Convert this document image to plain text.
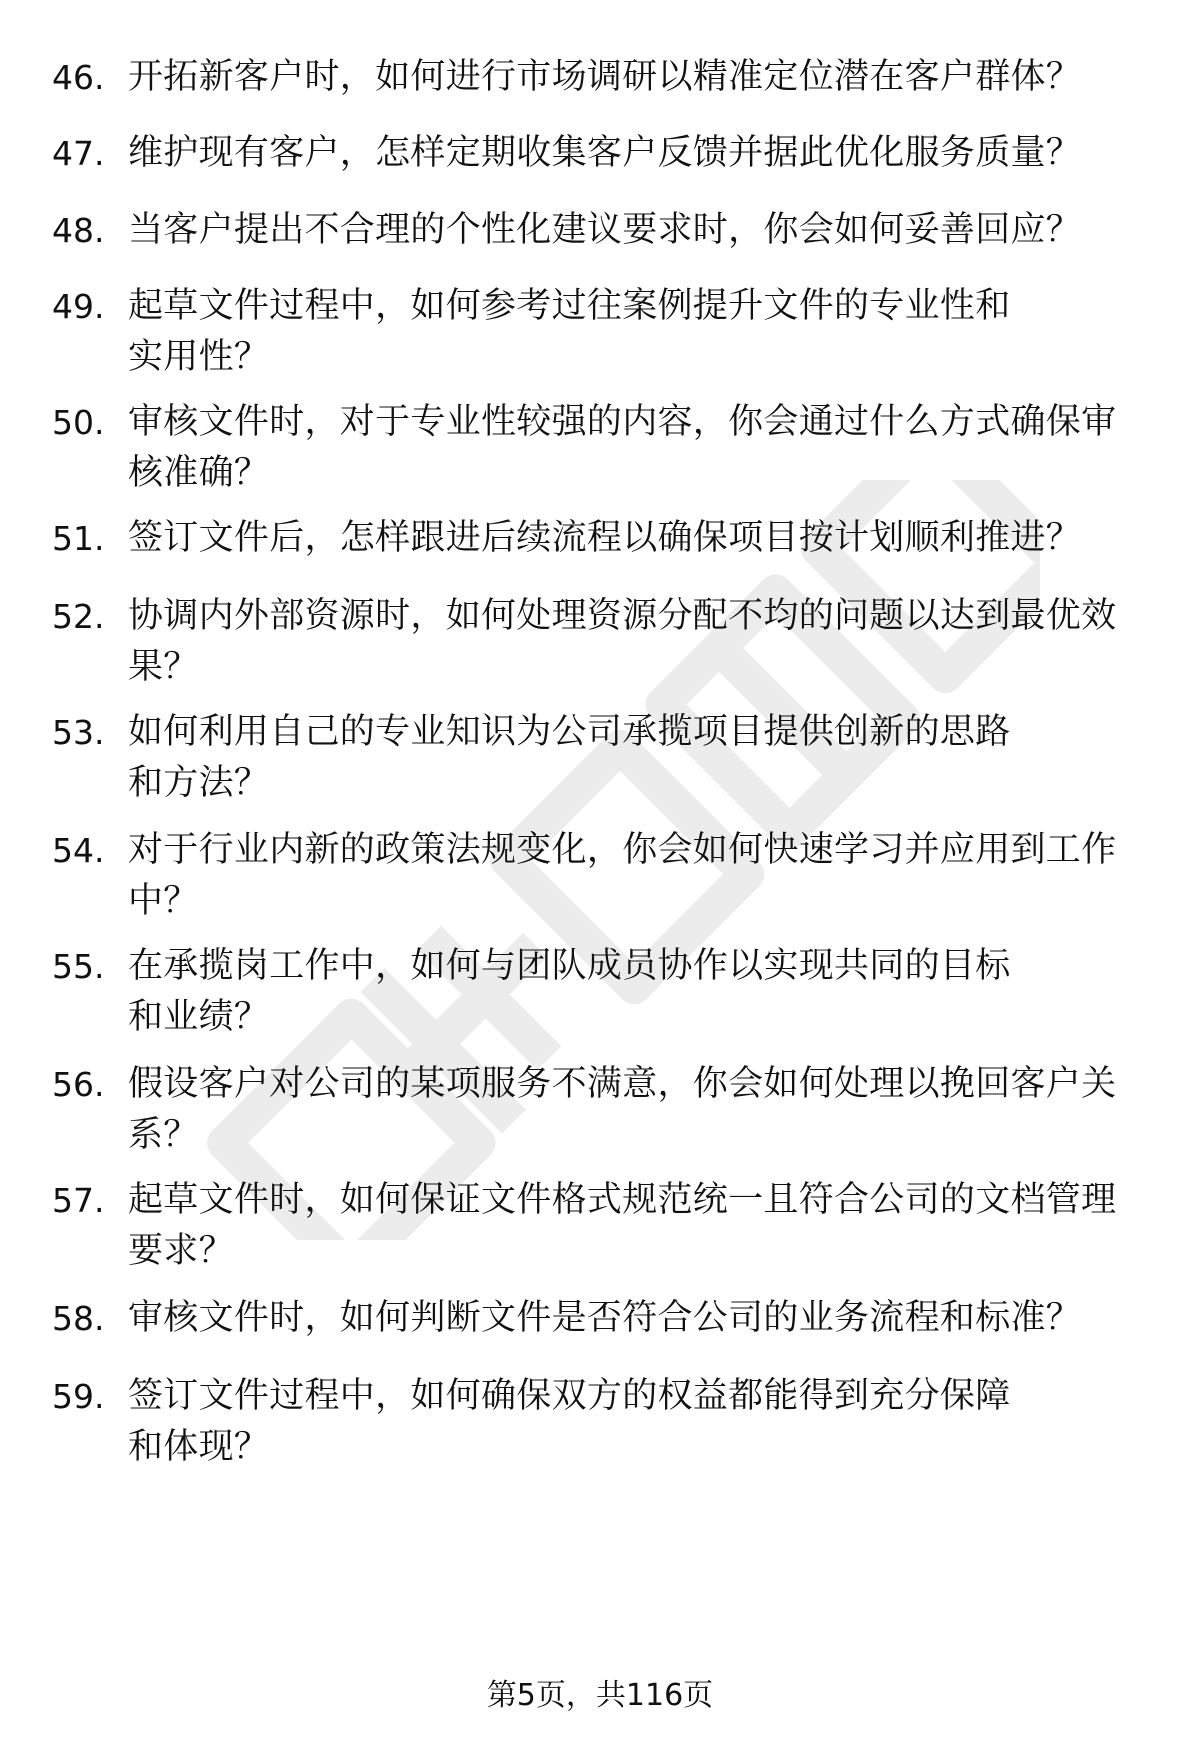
46. 开拓新客户时，如何进行市场调研以精准定位潜在客户群体？
47. 维护现有客户，怎样定期收集客户反馈并据此优化服务质量？
48. 当客户提出不合理的个性化建议要求时，你会如何妥善回应？
49. 起草文件过程中，如何参考过往案例提升文件的专业性和实用性？
50. 审核文件时，对于专业性较强的内容，你会通过什么方式确保审核准确？
51. 签订文件后，怎样跟进后续流程以确保项目按计划顺利推进？
52. 协调内外部资源时，如何处理资源分配不均的问题以达到最优效果？
53. 如何利用自己的专业知识为公司承揽项目提供创新的思路和方法？
54. 对于行业内新的政策法规变化，你会如何快速学习并应用到工作中？
55. 在承揽岗工作中，如何与团队成员协作以实现共同的目标和业绩？
56. 假设客户对公司的某项服务不满意，你会如何处理以挽回客户关系？
57. 起草文件时，如何保证文件格式规范统一且符合公司的文档管理要求？
58. 审核文件时，如何判断文件是否符合公司的业务流程和标准？
59. 签订文件过程中，如何确保双方的权益都能得到充分保障和体现？
第5页，共116页
